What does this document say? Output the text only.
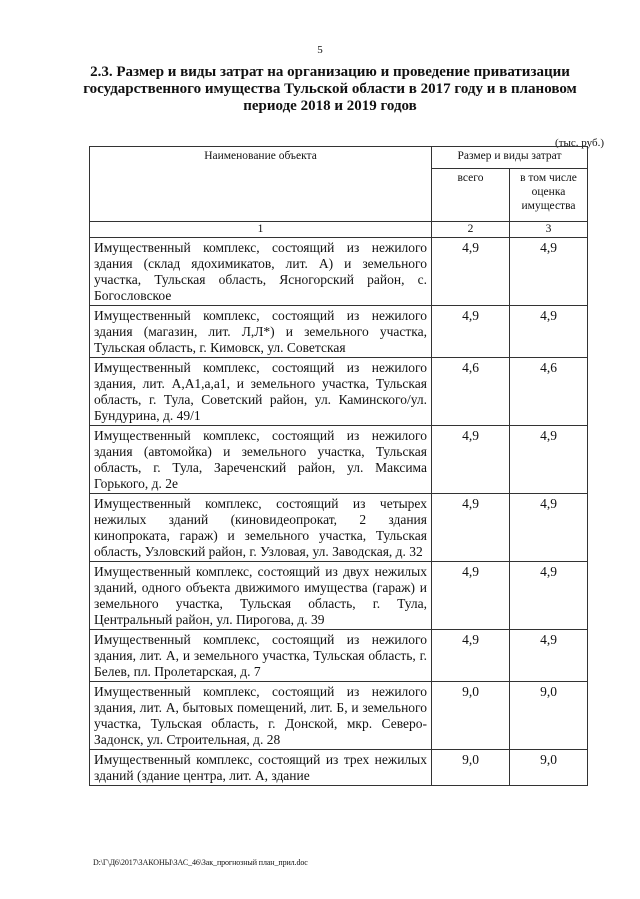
5
2.3. Размер и виды затрат на организацию и проведение приватизации государственного имущества Тульской области в 2017 году и в плановом периоде 2018 и 2019 годов
(тыс. руб.)
Наименование объекта	Размер и виды затрат	
	всего	в том числе оценка имущества
1	2	3
Имущественный комплекс, состоящий из нежилого здания (склад ядохимикатов, лит. А) и земельного участка, Тульская область, Ясногорский район, с. Богословское	4,9	4,9
Имущественный комплекс, состоящий из нежилого здания (магазин, лит. Л,Л*) и земельного участка, Тульская область, г. Кимовск, ул. Советская	4,9	4,9
Имущественный комплекс, состоящий из нежилого здания, лит. А,А1,а,а1, и земельного участка, Тульская область, г. Тула, Советский район, ул. Каминского/ул. Бундурина, д. 49/1	4,6	4,6
Имущественный комплекс, состоящий из нежилого здания (автомойка) и земельного участка, Тульская область, г. Тула, Зареченский район, ул. Максима Горького, д. 2е	4,9	4,9
Имущественный комплекс, состоящий из четырех нежилых зданий (киновидеопрокат, 2 здания кинопроката, гараж) и земельного участка, Тульская область, Узловский район, г. Узловая, ул. Заводская, д. 32	4,9	4,9
Имущественный комплекс, состоящий из двух нежилых зданий, одного объекта движимого имущества (гараж) и земельного участка, Тульская область, г. Тула, Центральный район, ул. Пирогова, д. 39	4,9	4,9
Имущественный комплекс, состоящий из нежилого здания, лит. А, и земельного участка, Тульская область, г. Белев, пл. Пролетарская, д. 7	4,9	4,9
Имущественный комплекс, состоящий из нежилого здания, лит. А, бытовых помещений, лит. Б, и земельного участка, Тульская область, г. Донской, мкр. Северо-Задонск, ул. Строительная, д. 28	9,0	9,0
Имущественный комплекс, состоящий из трех нежилых зданий (здание центра, лит. А, здание	9,0	9,0
D:\Г\Д6\2017\ЗАКОНЫ\ЗАС_46\Зак_прогнозный план_прил.doc
